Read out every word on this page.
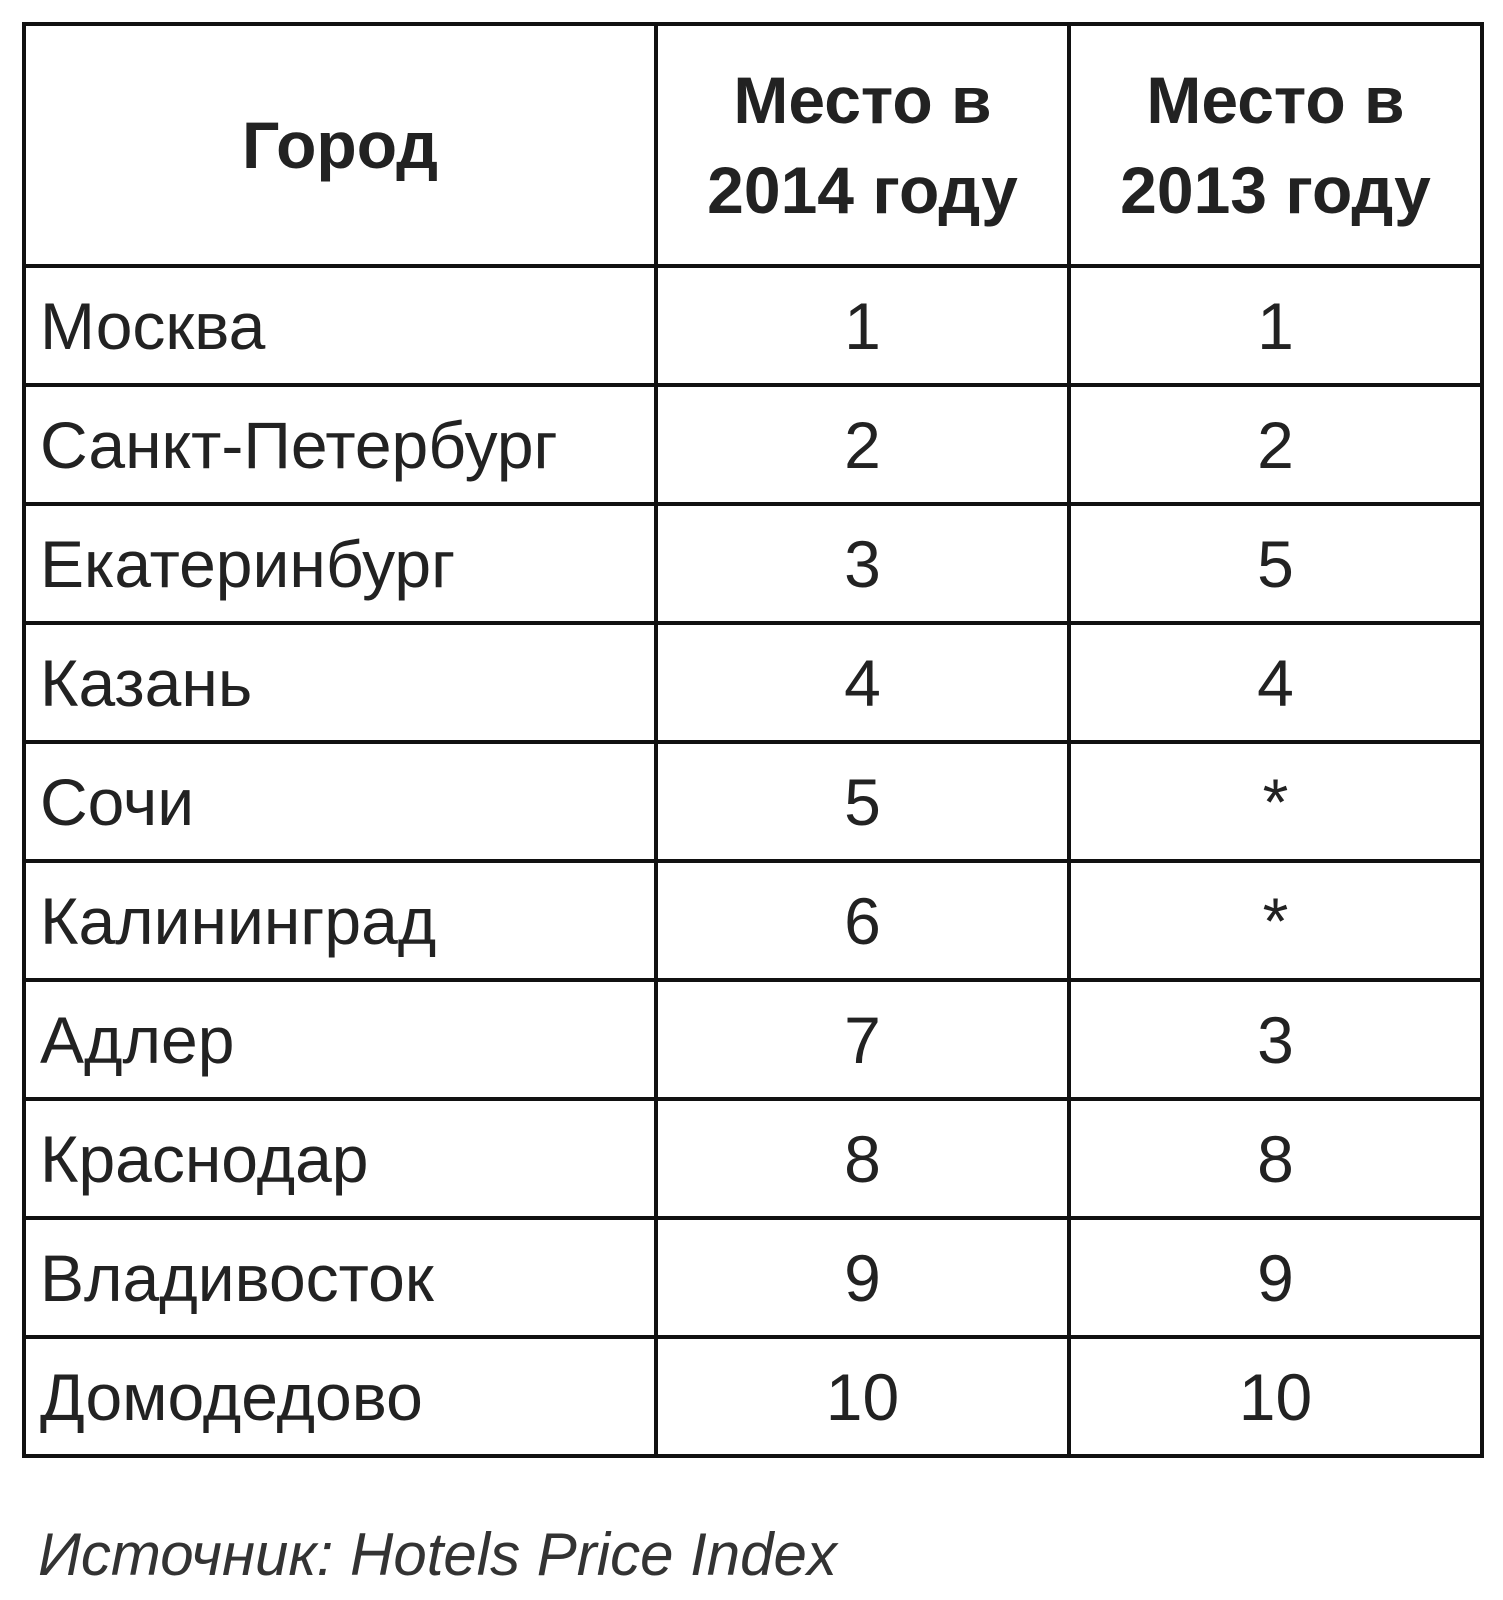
Город	Место в 2014 году	Место в 2013 году
Москва	1	1
Санкт-Петербург	2	2
Екатеринбург	3	5
Казань	4	4
Сочи	5	*
Калининград	6	*
Адлер	7	3
Краснодар	8	8
Владивосток	9	9
Домодедово	10	10
Источник: Hotels Price Index
